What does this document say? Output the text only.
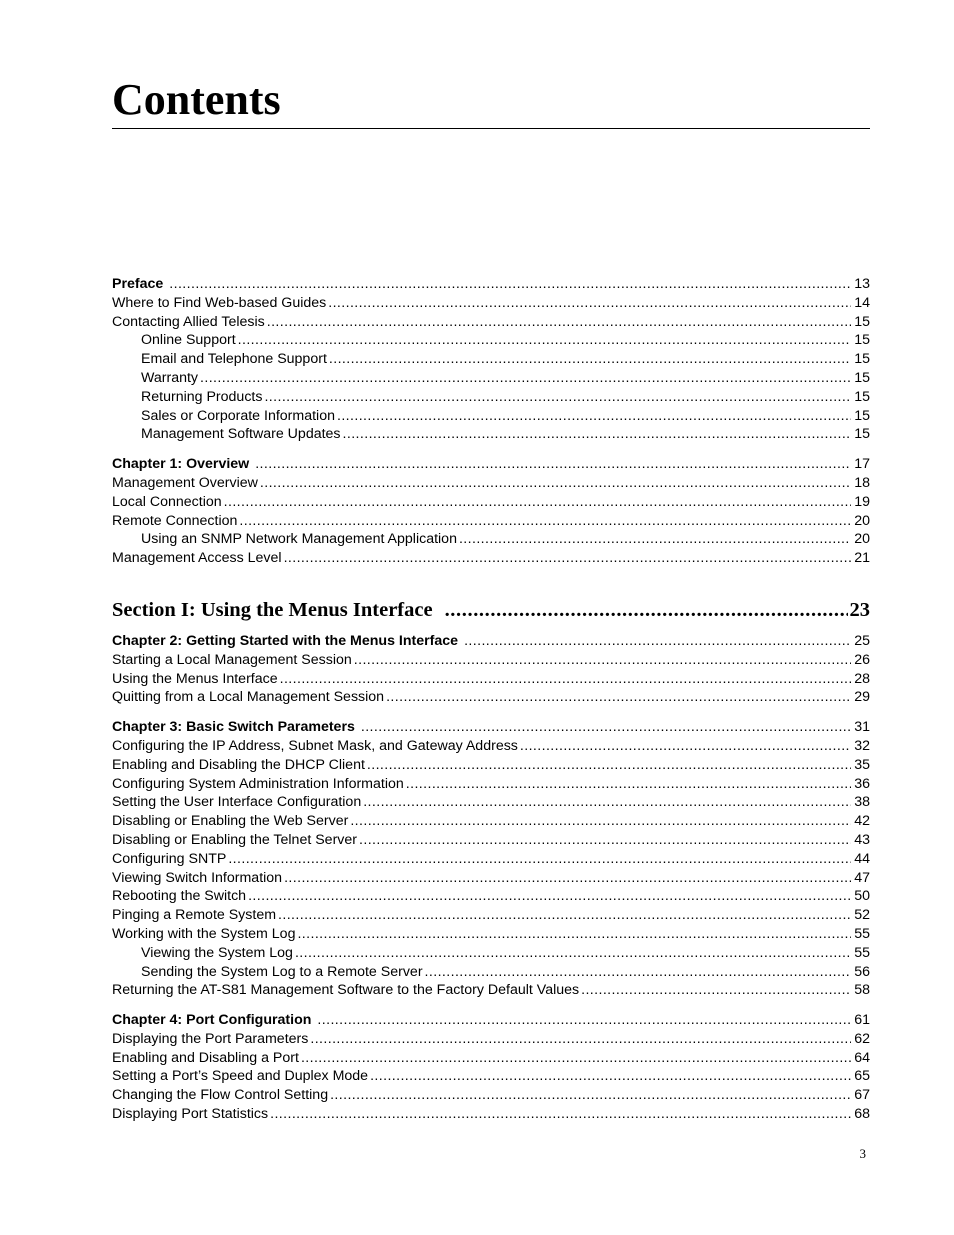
Contents
Preface .....	13
Where to Find Web-based Guides .....	14
Contacting Allied Telesis .....	15
Online Support .....	15
Email and Telephone Support .....	15
Warranty .....	15
Returning Products .....	15
Sales or Corporate Information .....	15
Management Software Updates .....	15
Chapter 1: Overview .....	17
Management Overview .....	18
Local Connection .....	19
Remote Connection .....	20
Using an SNMP Network Management Application .....	20
Management Access Level .....	21
Section I: Using the Menus Interface .....	23
Chapter 2: Getting Started with the Menus Interface .....	25
Starting a Local Management Session .....	26
Using the Menus Interface .....	28
Quitting from a Local Management Session .....	29
Chapter 3: Basic Switch Parameters .....	31
Configuring the IP Address, Subnet Mask, and Gateway Address .....	32
Enabling and Disabling the DHCP Client .....	35
Configuring System Administration Information .....	36
Setting the User Interface Configuration .....	38
Disabling or Enabling the Web Server .....	42
Disabling or Enabling the Telnet Server .....	43
Configuring SNTP .....	44
Viewing Switch Information .....	47
Rebooting the Switch .....	50
Pinging a Remote System .....	52
Working with the System Log .....	55
Viewing the System Log .....	55
Sending the System Log to a Remote Server .....	56
Returning the AT-S81 Management Software to the Factory Default Values .....	58
Chapter 4: Port Configuration .....	61
Displaying the Port Parameters .....	62
Enabling and Disabling a Port .....	64
Setting a Port’s Speed and Duplex Mode .....	65
Changing the Flow Control Setting .....	67
Displaying Port Statistics .....	68
3
